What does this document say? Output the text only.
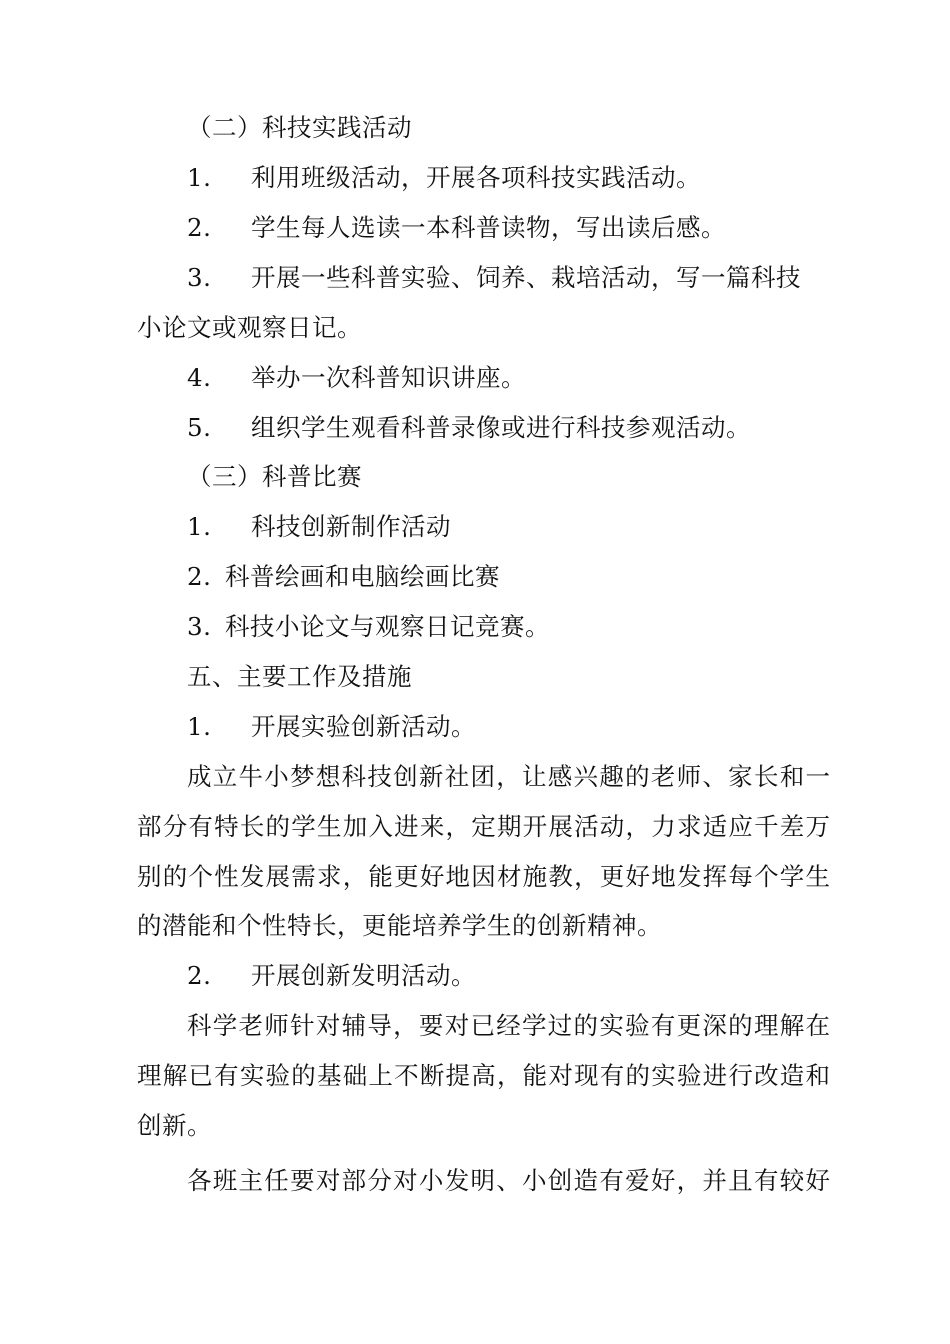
（二）科技实践活动
1. 利用班级活动，开展各项科技实践活动。
2. 学生每人选读一本科普读物，写出读后感。
3. 开展一些科普实验、饲养、栽培活动，写一篇科技
小论文或观察日记。
4. 举办一次科普知识讲座。
5. 组织学生观看科普录像或进行科技参观活动。
（三）科普比赛
1. 科技创新制作活动
2. 科普绘画和电脑绘画比赛
3. 科技小论文与观察日记竞赛。
五、主要工作及措施
1. 开展实验创新活动。
成立牛小梦想科技创新社团，让感兴趣的老师、家长和一
部分有特长的学生加入进来，定期开展活动，力求适应千差万
别的个性发展需求，能更好地因材施教，更好地发挥每个学生
的潜能和个性特长，更能培养学生的创新精神。
2. 开展创新发明活动。
科学老师针对辅导，要对已经学过的实验有更深的理解在
理解已有实验的基础上不断提高，能对现有的实验进行改造和
创新。
各班主任要对部分对小发明、小创造有爱好，并且有较好
